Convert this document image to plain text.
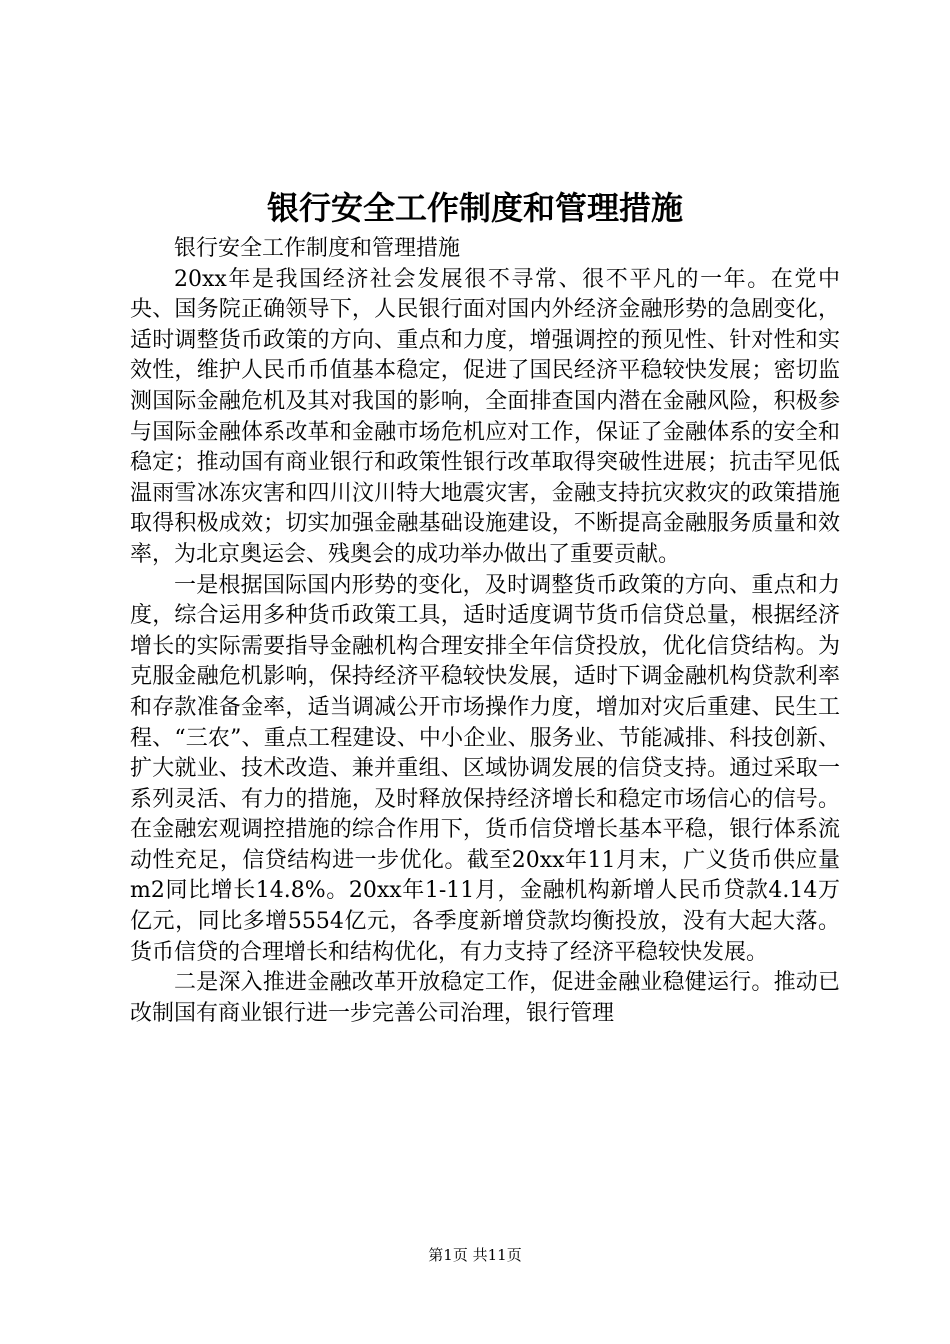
银行安全工作制度和管理措施

银行安全工作制度和管理措施

20xx年是我国经济社会发展很不寻常、很不平凡的一年。在党中央、国务院正确领导下，人民银行面对国内外经济金融形势的急剧变化，适时调整货币政策的方向、重点和力度，增强调控的预见性、针对性和实效性，维护人民币币值基本稳定，促进了国民经济平稳较快发展；密切监测国际金融危机及其对我国的影响，全面排查国内潜在金融风险，积极参与国际金融体系改革和金融市场危机应对工作，保证了金融体系的安全和稳定；推动国有商业银行和政策性银行改革取得突破性进展；抗击罕见低温雨雪冰冻灾害和四川汶川特大地震灾害，金融支持抗灾救灾的政策措施取得积极成效；切实加强金融基础设施建设，不断提高金融服务质量和效率，为北京奥运会、残奥会的成功举办做出了重要贡献。

一是根据国际国内形势的变化，及时调整货币政策的方向、重点和力度，综合运用多种货币政策工具，适时适度调节货币信贷总量，根据经济增长的实际需要指导金融机构合理安排全年信贷投放，优化信贷结构。为克服金融危机影响，保持经济平稳较快发展，适时下调金融机构贷款利率和存款准备金率，适当调减公开市场操作力度，增加对灾后重建、民生工程、“三农”、重点工程建设、中小企业、服务业、节能减排、科技创新、扩大就业、技术改造、兼并重组、区域协调发展的信贷支持。通过采取一系列灵活、有力的措施，及时释放保持经济增长和稳定市场信心的信号。在金融宏观调控措施的综合作用下，货币信贷增长基本平稳，银行体系流动性充足，信贷结构进一步优化。截至20xx年11月末，广义货币供应量m2同比增长14.8%。20xx年1-11月，金融机构新增人民币贷款4.14万亿元，同比多增5554亿元，各季度新增贷款均衡投放，没有大起大落。货币信贷的合理增长和结构优化，有力支持了经济平稳较快发展。

二是深入推进金融改革开放稳定工作，促进金融业稳健运行。推动已改制国有商业银行进一步完善公司治理，银行管理

第1页 共11页
